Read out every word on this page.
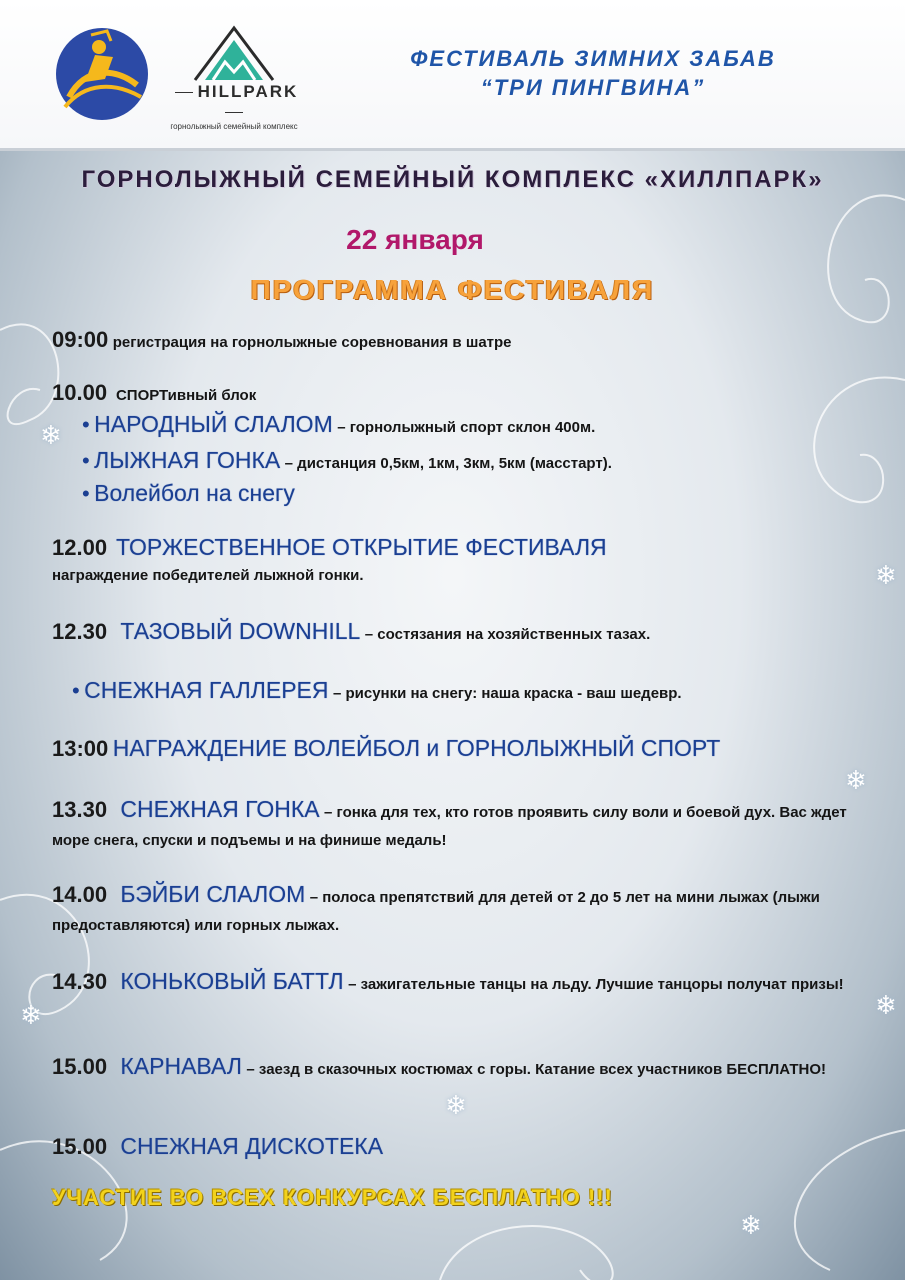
❄
❄
❄
❄	❄
❄
❄
HILLPARK
горнолыжный семейный комплекс
ФЕСТИВАЛЬ ЗИМНИХ ЗАБАВ
“ТРИ ПИНГВИНА”
ГОРНОЛЫЖНЫЙ СЕМЕЙНЫЙ КОМПЛЕКС «ХИЛЛПАРК»
22 января
ПРОГРАММА ФЕСТИВАЛЯ
09:00 регистрация на горнолыжные соревнования в шатре
10.00 СПОРТивный блок
• НАРОДНЫЙ СЛАЛОМ – горнолыжный спорт склон 400м.
• ЛЫЖНАЯ ГОНКА – дистанция 0,5км, 1км, 3км, 5км (масстарт).
• Волейбол на снегу
12.00 ТОРЖЕСТВЕННОЕ ОТКРЫТИЕ ФЕСТИВАЛЯ
награждение победителей лыжной гонки.
12.30 ТАЗОВЫЙ DOWNHILL – состязания на хозяйственных тазах.
• СНЕЖНАЯ ГАЛЛЕРЕЯ – рисунки на снегу: наша краска - ваш шедевр.
13:00 НАГРАЖДЕНИЕ ВОЛЕЙБОЛ и ГОРНОЛЫЖНЫЙ СПОРТ
13.30 СНЕЖНАЯ ГОНКА – гонка для тех, кто готов проявить силу воли и боевой дух. Вас ждет море снега, спуски и подъемы и на финише медаль!
14.00 БЭЙБИ СЛАЛОМ – полоса препятствий для детей от 2 до 5 лет на мини лыжах (лыжи предоставляются) или горных лыжах.
14.30 КОНЬКОВЫЙ БАТТЛ – зажигательные танцы на льду. Лучшие танцоры получат призы!
15.00 КАРНАВАЛ – заезд в сказочных костюмах с горы. Катание всех участников БЕСПЛАТНО!
15.00 СНЕЖНАЯ ДИСКОТЕКА
УЧАСТИЕ ВО ВСЕХ КОНКУРСАХ БЕСПЛАТНО !!!
